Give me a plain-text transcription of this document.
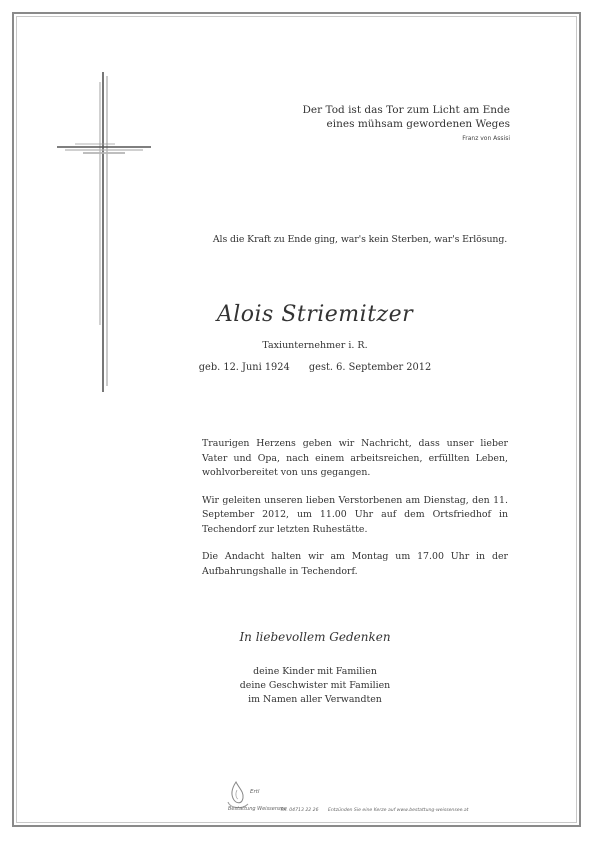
Der Tod ist das Tor zum Licht am Ende
eines mühsam gewordenen Weges
Franz von Assisi
Als die Kraft zu Ende ging, war's kein Sterben, war's Erlösung.
Alois Striemitzer
Taxiunternehmer i. R.
geb. 12. Juni 1924 gest. 6. September 2012

Traurigen Herzens geben wir Nachricht, dass unser lieber Vater und Opa, nach einem arbeitsreichen, erfüllten Leben, wohlvorbereitet von uns gegangen.

Wir geleiten unseren lieben Verstorbenen am Dienstag, den 11. September 2012, um 11.00 Uhr auf dem Ortsfriedhof in Techendorf zur letzten Ruhestätte.

Die Andacht halten wir am Montag um 17.00 Uhr in der Aufbahrungshalle in Techendorf.

In liebevollem Gedenken
deine Kinder mit Familien
deine Geschwister mit Familien
im Namen aller Verwandten
Ertl
Bestattung Weissensee
Tel. 04713 22 26 Entzünden Sie eine Kerze auf www.bestattung-weissensee.at
